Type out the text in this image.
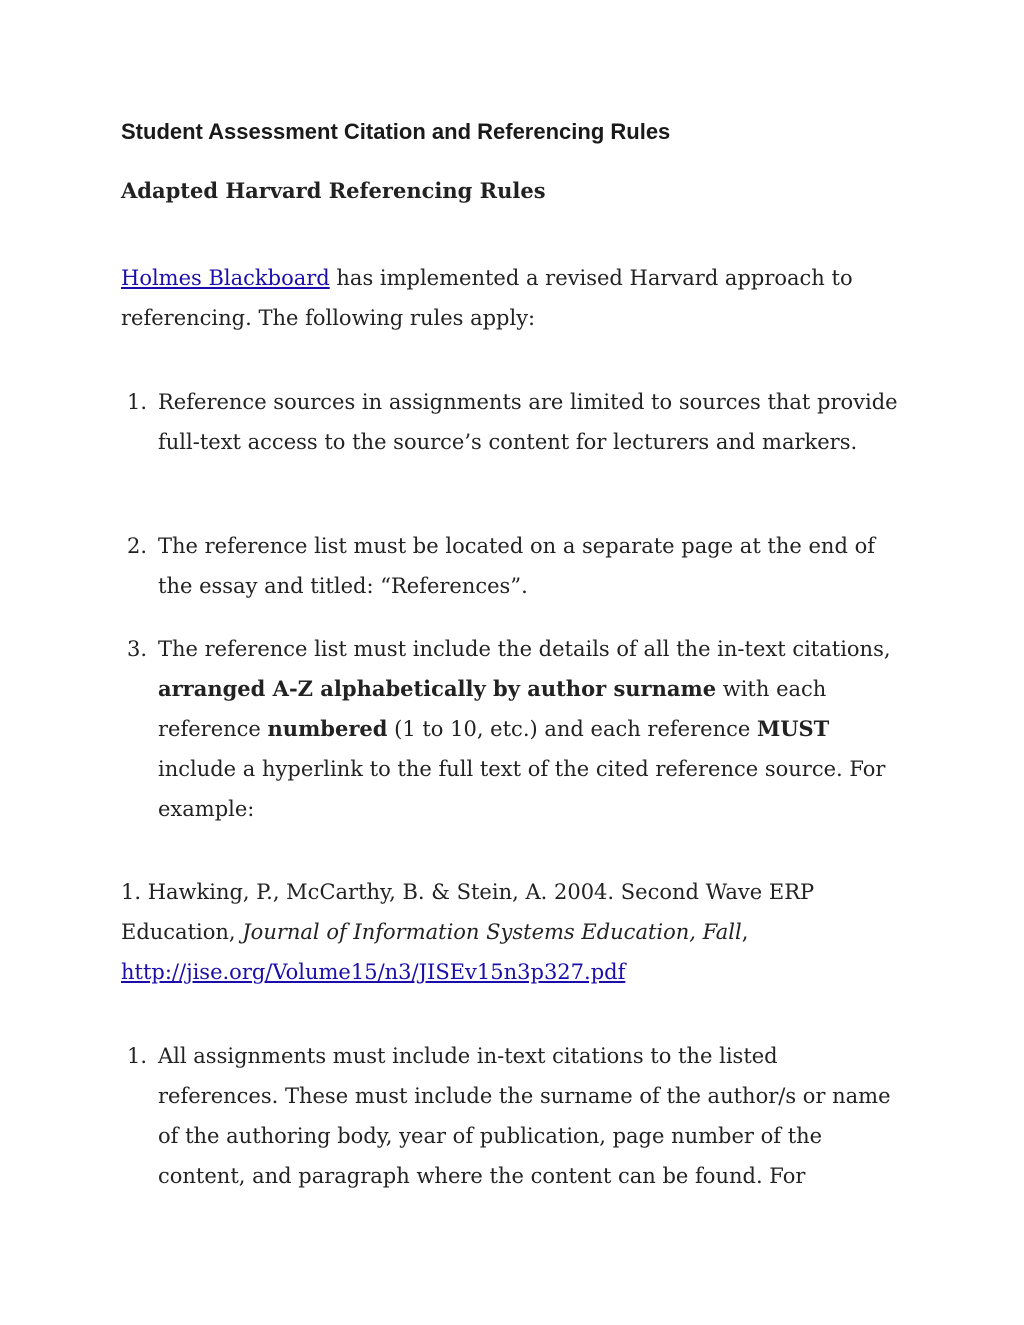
Student Assessment Citation and Referencing Rules
Adapted Harvard Referencing Rules

Holmes Blackboard has implemented a revised Harvard approach to referencing. The following rules apply:

1. Reference sources in assignments are limited to sources that provide full-text access to the source’s content for lecturers and markers.
2. The reference list must be located on a separate page at the end of the essay and titled: “References”.
3. The reference list must include the details of all the in-text citations, arranged A-Z alphabetically by author surname with each reference numbered (1 to 10, etc.) and each reference MUST include a hyperlink to the full text of the cited reference source. For example:

1. Hawking, P., McCarthy, B. & Stein, A. 2004. Second Wave ERP Education, Journal of Information Systems Education, Fall, http://jise.org/Volume15/n3/JISEv15n3p327.pdf

1. All assignments must include in-text citations to the listed references. These must include the surname of the author/s or name of the authoring body, year of publication, page number of the content, and paragraph where the content can be found. For
